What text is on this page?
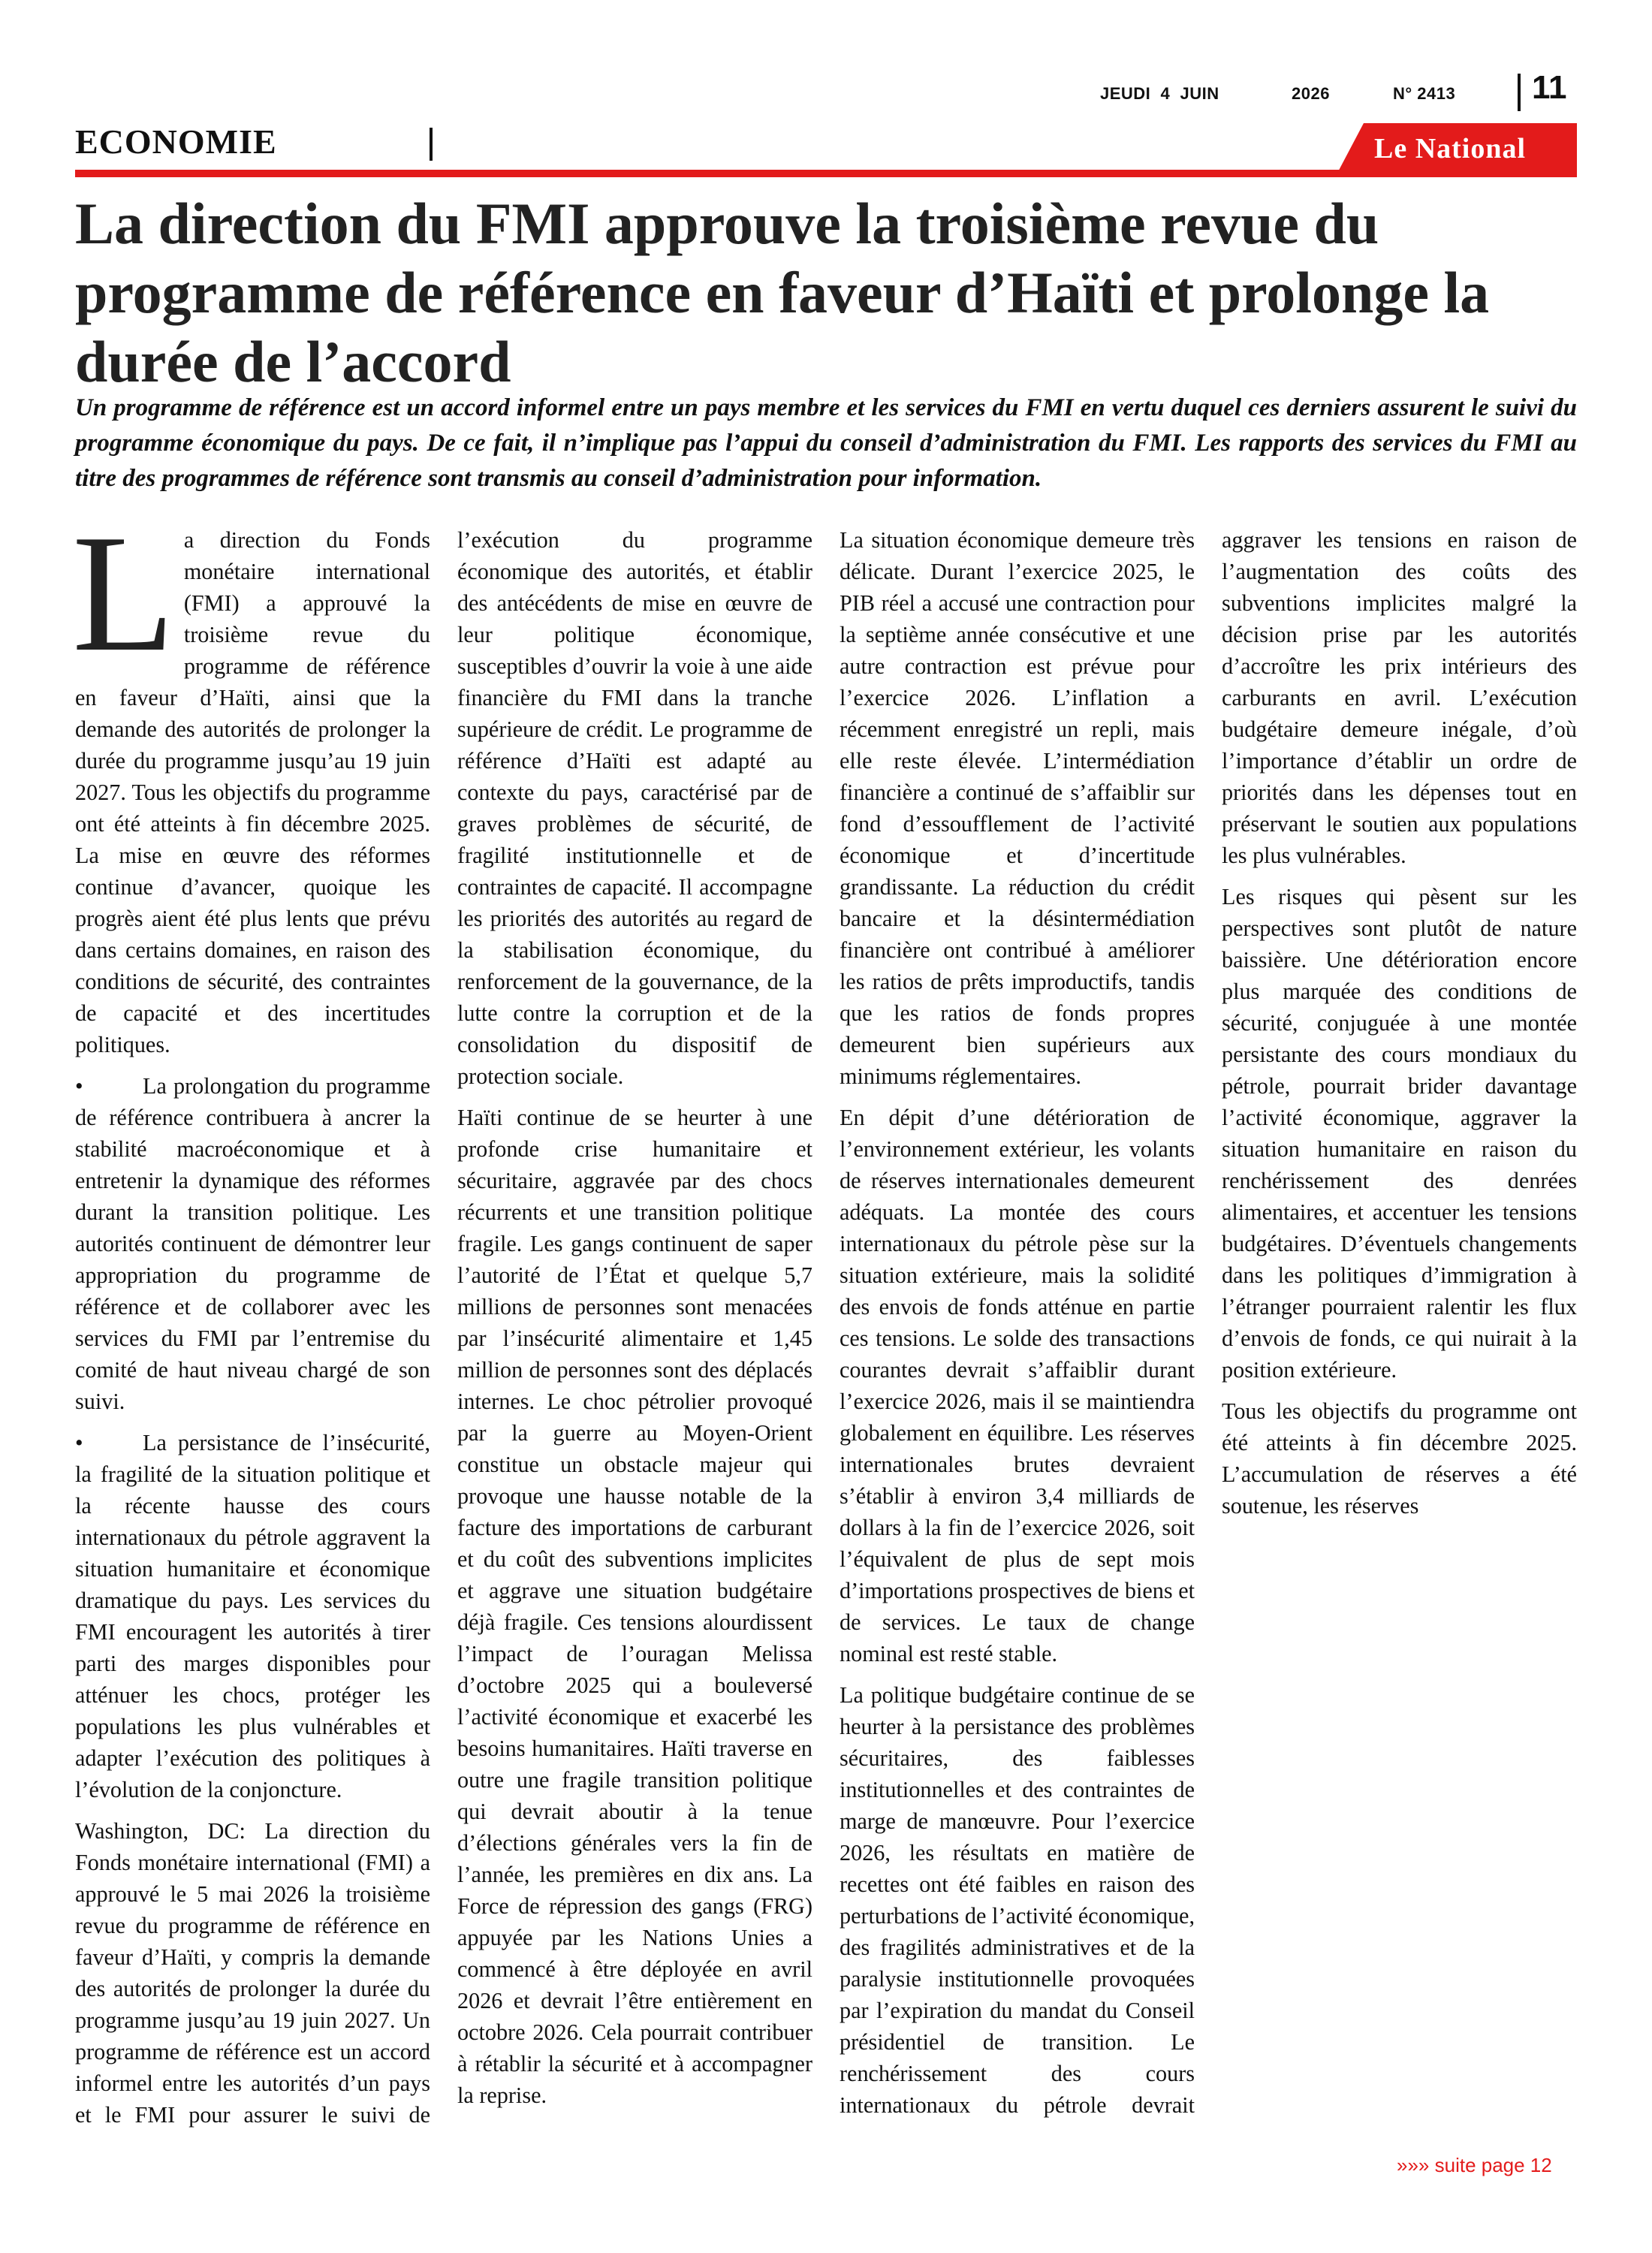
JEUDI 4 JUIN	2026	N° 2413 11
ECONOMIE	Le National
La direction du FMI approuve la troisième revue du programme de référence en faveur d’Haïti et prolonge la durée de l’accord

Un programme de référence est un accord informel entre un pays membre et les services du FMI en vertu duquel ces derniers assurent le suivi du programme économique du pays. De ce fait, il n’implique pas l’appui du conseil d’administration du FMI. Les rapports des services du FMI au titre des programmes de référence sont transmis au conseil d’administration pour information.

La direction du Fonds monétaire international (FMI) a approuvé la troisième revue du programme de référence en faveur d’Haïti, ainsi que la demande des autorités de prolonger la durée du programme jusqu’au 19 juin 2027. Tous les objectifs du programme ont été atteints à fin décembre 2025. La mise en œuvre des réformes continue d’avancer, quoique les progrès aient été plus lents que prévu dans certains domaines, en raison des conditions de sécurité, des contraintes de capacité et des incertitudes politiques.

•	La prolongation du programme de référence contribuera à ancrer la stabilité macroéconomique et à entretenir la dynamique des réformes durant la transition politique. Les autorités continuent de démontrer leur appropriation du programme de référence et de collaborer avec les services du FMI par l’entremise du comité de haut niveau chargé de son suivi.

•	La persistance de l’insécurité, la fragilité de la situation politique et la récente hausse des cours internationaux du pétrole aggravent la situation humanitaire et économique dramatique du pays. Les services du FMI encouragent les autorités à tirer parti des marges disponibles pour atténuer les chocs, protéger les populations les plus vulnérables et adapter l’exécution des politiques à l’évolution de la conjoncture.

Washington, DC: La direction du Fonds monétaire international (FMI) a approuvé le 5 mai 2026 la troisième revue du programme de référence en faveur d’Haïti, y compris la demande des autorités de prolonger la durée du programme jusqu’au 19 juin 2027. Un programme de référence est un accord informel entre les autorités d’un pays et le FMI pour assurer le suivi de l’exécution du programme économique des autorités, et établir des antécédents de mise en œuvre de leur politique économique, susceptibles d’ouvrir la voie à une aide financière du FMI dans la tranche supérieure de crédit. Le programme de référence d’Haïti est adapté au contexte du pays, caractérisé par de graves problèmes de sécurité, de fragilité institutionnelle et de contraintes de capacité. Il accompagne les priorités des autorités au regard de la stabilisation économique, du renforcement de la gouvernance, de la lutte contre la corruption et de la consolidation du dispositif de protection sociale.

Haïti continue de se heurter à une profonde crise humanitaire et sécuritaire, aggravée par des chocs récurrents et une transition politique fragile. Les gangs continuent de saper l’autorité de l’État et quelque 5,7 millions de personnes sont menacées par l’insécurité alimentaire et 1,45 million de personnes sont des déplacés internes. Le choc pétrolier provoqué par la guerre au Moyen-Orient constitue un obstacle majeur qui provoque une hausse notable de la facture des importations de carburant et du coût des subventions implicites et aggrave une situation budgétaire déjà fragile. Ces tensions alourdissent l’impact de l’ouragan Melissa d’octobre 2025 qui a bouleversé l’activité économique et exacerbé les besoins humanitaires. Haïti traverse en outre une fragile transition politique qui devrait aboutir à la tenue d’élections générales vers la fin de l’année, les premières en dix ans. La Force de répression des gangs (FRG) appuyée par les Nations Unies a commencé à être déployée en avril 2026 et devrait l’être entièrement en octobre 2026. Cela pourrait contribuer à rétablir la sécurité et à accompagner la reprise.

La situation économique demeure très délicate. Durant l’exercice 2025, le PIB réel a accusé une contraction pour la septième année consécutive et une autre contraction est prévue pour l’exercice 2026. L’inflation a récemment enregistré un repli, mais elle reste élevée. L’intermédiation financière a continué de s’affaiblir sur fond d’essoufflement de l’activité économique et d’incertitude grandissante. La réduction du crédit bancaire et la désintermédiation financière ont contribué à améliorer les ratios de prêts improductifs, tandis que les ratios de fonds propres demeurent bien supérieurs aux minimums réglementaires.

En dépit d’une détérioration de l’environnement extérieur, les volants de réserves internationales demeurent adéquats. La montée des cours internationaux du pétrole pèse sur la situation extérieure, mais la solidité des envois de fonds atténue en partie ces tensions. Le solde des transactions courantes devrait s’affaiblir durant l’exercice 2026, mais il se maintiendra globalement en équilibre. Les réserves internationales brutes devraient s’établir à environ 3,4 milliards de dollars à la fin de l’exercice 2026, soit l’équivalent de plus de sept mois d’importations prospectives de biens et de services. Le taux de change nominal est resté stable.

La politique budgétaire continue de se heurter à la persistance des problèmes sécuritaires, des faiblesses institutionnelles et des contraintes de marge de manœuvre. Pour l’exercice 2026, les résultats en matière de recettes ont été faibles en raison des perturbations de l’activité économique, des fragilités administratives et de la paralysie institutionnelle provoquées par l’expiration du mandat du Conseil présidentiel de transition. Le renchérissement des cours internationaux du pétrole devrait aggraver les tensions en raison de l’augmentation des coûts des subventions implicites malgré la décision prise par les autorités d’accroître les prix intérieurs des carburants en avril. L’exécution budgétaire demeure inégale, d’où l’importance d’établir un ordre de priorités dans les dépenses tout en préservant le soutien aux populations les plus vulnérables.

Les risques qui pèsent sur les perspectives sont plutôt de nature baissière. Une détérioration encore plus marquée des conditions de sécurité, conjuguée à une montée persistante des cours mondiaux du pétrole, pourrait brider davantage l’activité économique, aggraver la situation humanitaire en raison du renchérissement des denrées alimentaires, et accentuer les tensions budgétaires. D’éventuels changements dans les politiques d’immigration à l’étranger pourraient ralentir les flux d’envois de fonds, ce qui nuirait à la position extérieure.

Tous les objectifs du programme ont été atteints à fin décembre 2025. L’accumulation de réserves a été soutenue, les réserves

»»» suite page 12
